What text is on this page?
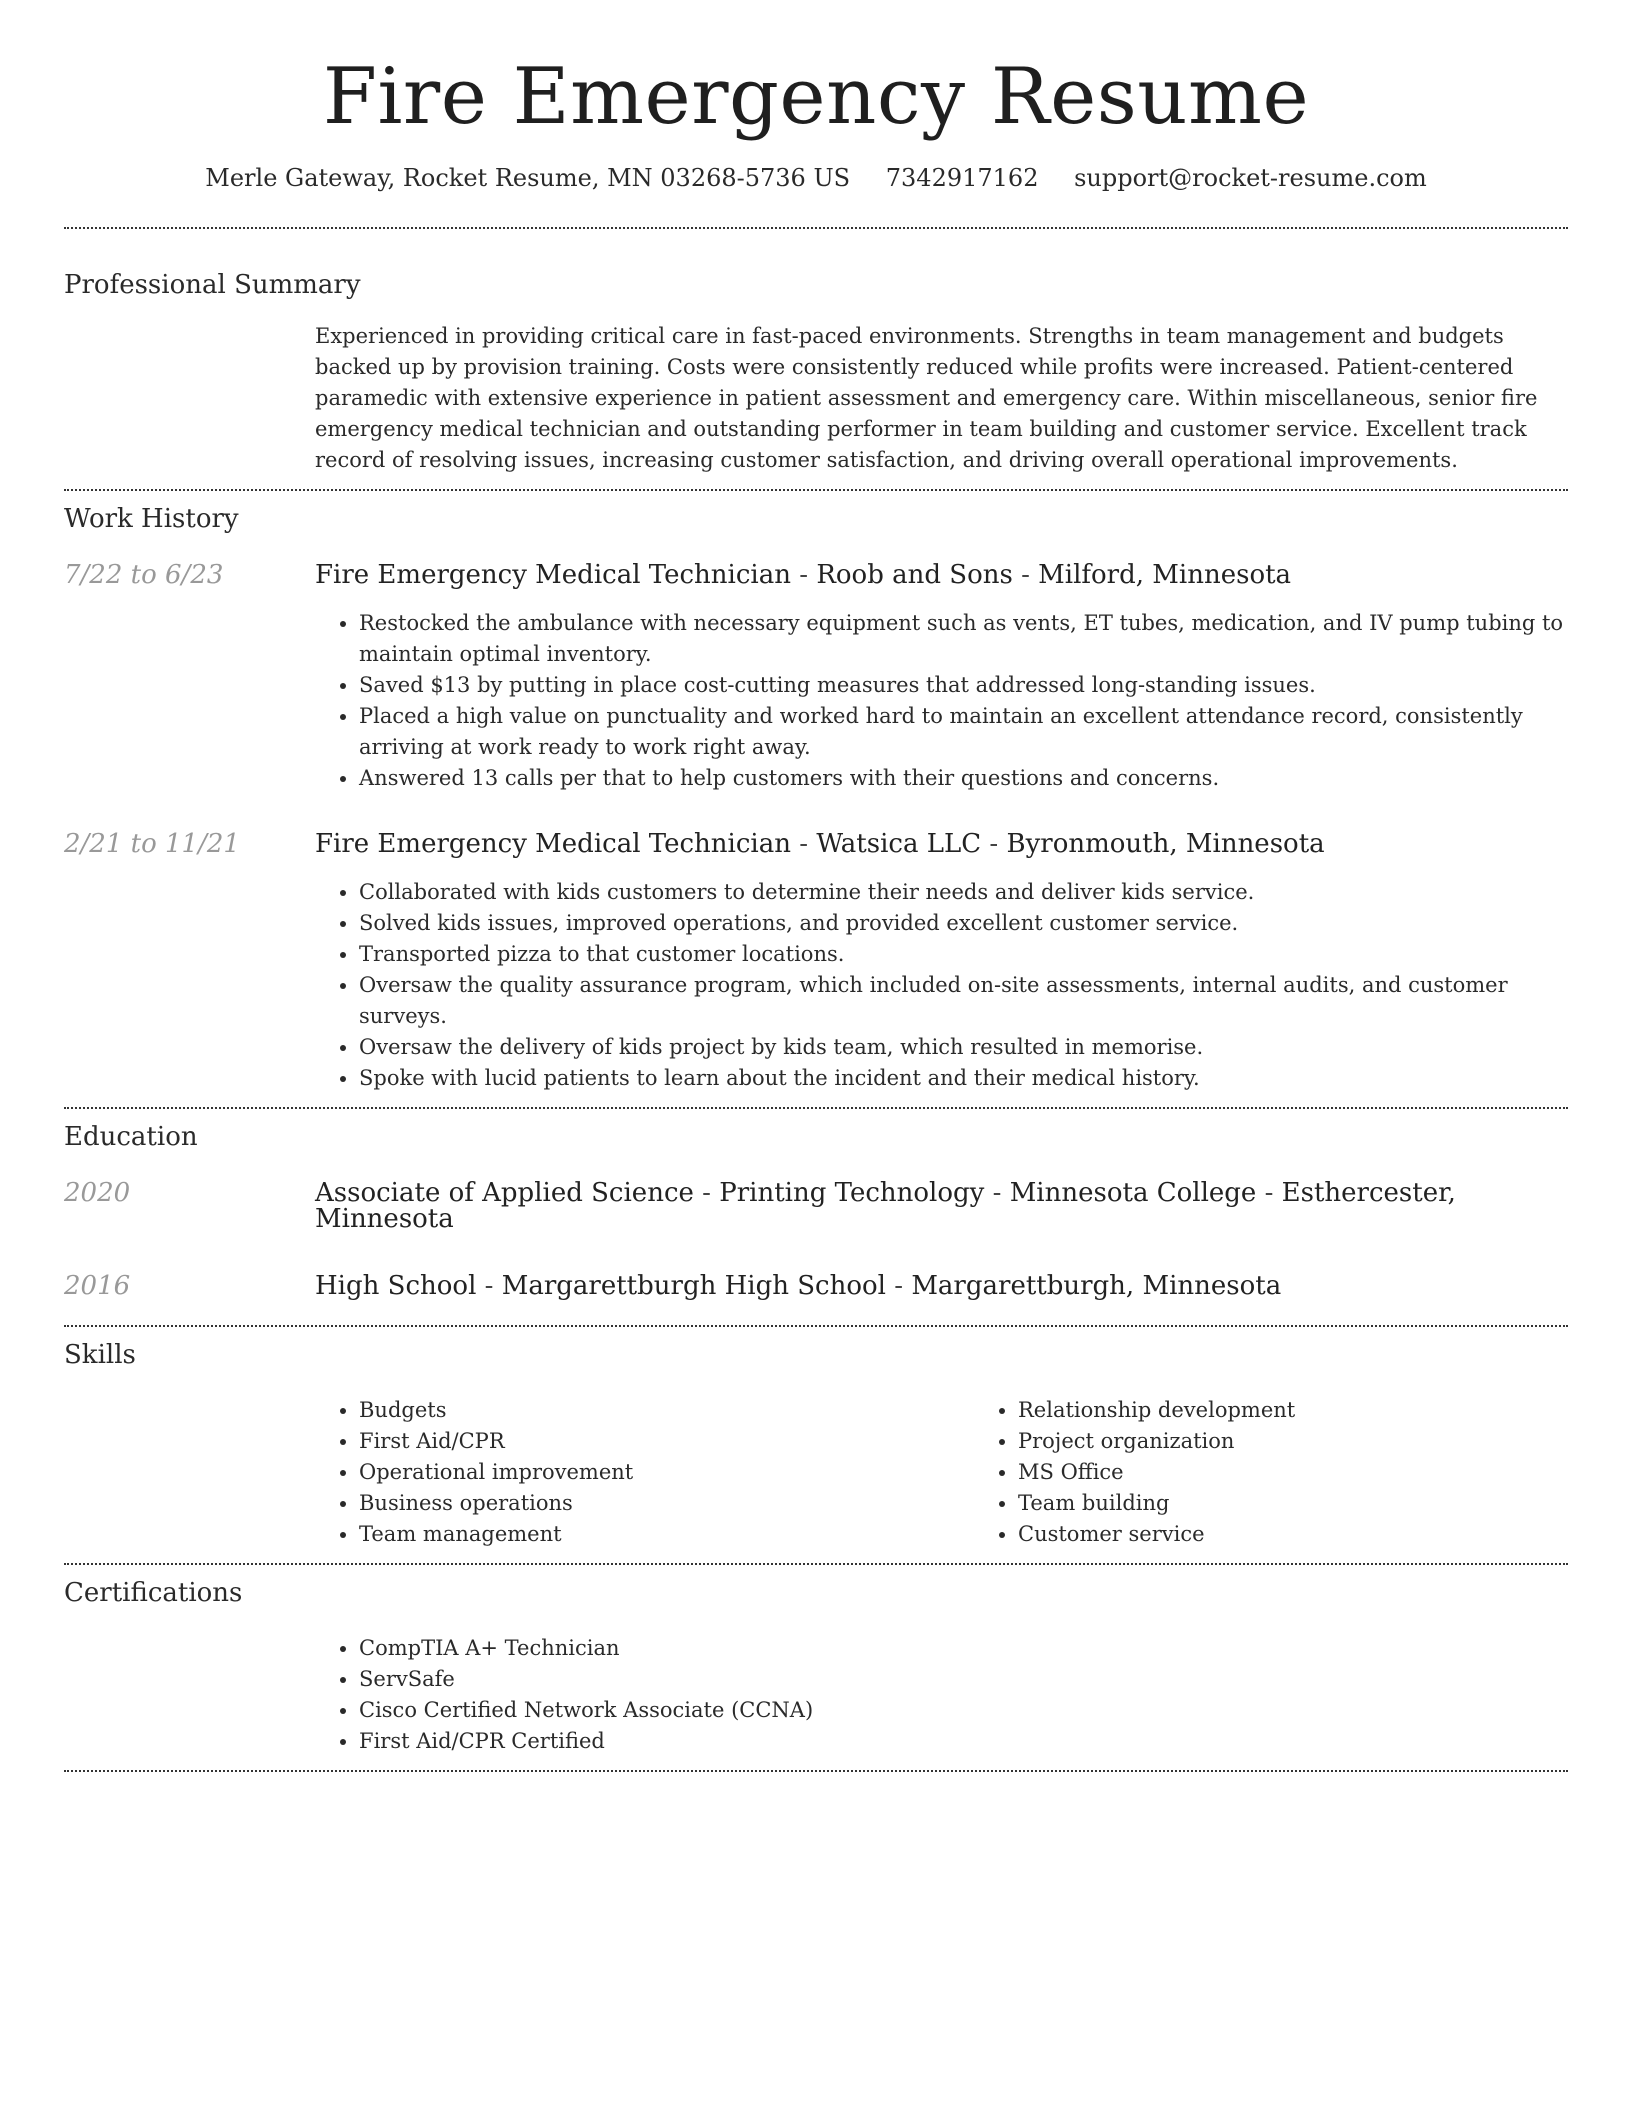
Fire Emergency Resume
Merle Gateway, Rocket Resume, MN 03268-5736 US 7342917162 support@rocket-resume.com
Professional Summary
Experienced in providing critical care in fast-paced environments. Strengths in team management and budgets backed up by provision training. Costs were consistently reduced while profits were increased. Patient-centered paramedic with extensive experience in patient assessment and emergency care. Within miscellaneous, senior fire emergency medical technician and outstanding performer in team building and customer service. Excellent track record of resolving issues, increasing customer satisfaction, and driving overall operational improvements.
Work History
7/22 to 6/23	Fire Emergency Medical Technician - Roob and Sons - Milford, Minnesota
• Restocked the ambulance with necessary equipment such as vents, ET tubes, medication, and IV pump tubing to maintain optimal inventory.
• Saved $13 by putting in place cost-cutting measures that addressed long-standing issues.
• Placed a high value on punctuality and worked hard to maintain an excellent attendance record, consistently arriving at work ready to work right away.
• Answered 13 calls per that to help customers with their questions and concerns.
2/21 to 11/21	Fire Emergency Medical Technician - Watsica LLC - Byronmouth, Minnesota
• Collaborated with kids customers to determine their needs and deliver kids service.
• Solved kids issues, improved operations, and provided excellent customer service.
• Transported pizza to that customer locations.
• Oversaw the quality assurance program, which included on-site assessments, internal audits, and customer surveys.
• Oversaw the delivery of kids project by kids team, which resulted in memorise.
• Spoke with lucid patients to learn about the incident and their medical history.
Education
2020	Associate of Applied Science - Printing Technology - Minnesota College - Esthercester, Minnesota
2016	High School - Margarettburgh High School - Margarettburgh, Minnesota
Skills
• Budgets
• First Aid/CPR
• Operational improvement
• Business operations
• Team management
• Relationship development
• Project organization
• MS Office
• Team building
• Customer service
Certifications
• CompTIA A+ Technician
• ServSafe
• Cisco Certified Network Associate (CCNA)
• First Aid/CPR Certified
